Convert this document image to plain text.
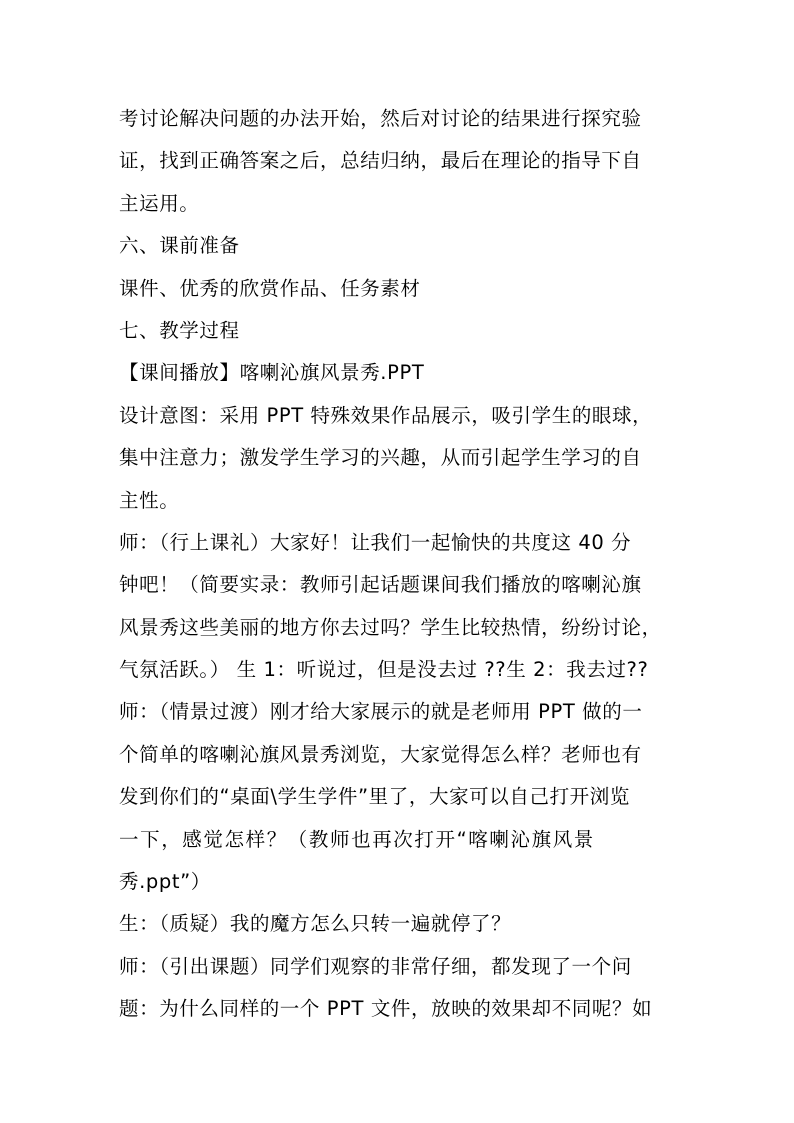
考讨论解决问题的办法开始，然后对讨论的结果进行探究验
证，找到正确答案之后，总结归纳，最后在理论的指导下自
主运用。
六、课前准备
课件、优秀的欣赏作品、任务素材
七、教学过程
【课间播放】喀喇沁旗风景秀.PPT
设计意图：采用 PPT 特殊效果作品展示，吸引学生的眼球，
集中注意力；激发学生学习的兴趣，从而引起学生学习的自
主性。
师：（行上课礼）大家好！让我们一起愉快的共度这 40 分
钟吧！（简要实录：教师引起话题课间我们播放的喀喇沁旗
风景秀这些美丽的地方你去过吗？学生比较热情，纷纷讨论，
气氛活跃。） 生 1：听说过，但是没去过 ??生 2：我去过??
师：（情景过渡）刚才给大家展示的就是老师用 PPT 做的一
个简单的喀喇沁旗风景秀浏览，大家觉得怎么样？老师也有
发到你们的“桌面\学生学件”里了，大家可以自己打开浏览
一下，感觉怎样？（教师也再次打开“喀喇沁旗风景
秀.ppt”）
生：（质疑）我的魔方怎么只转一遍就停了？
师：（引出课题）同学们观察的非常仔细，都发现了一个问
题：为什么同样的一个 PPT 文件，放映的效果却不同呢？如
